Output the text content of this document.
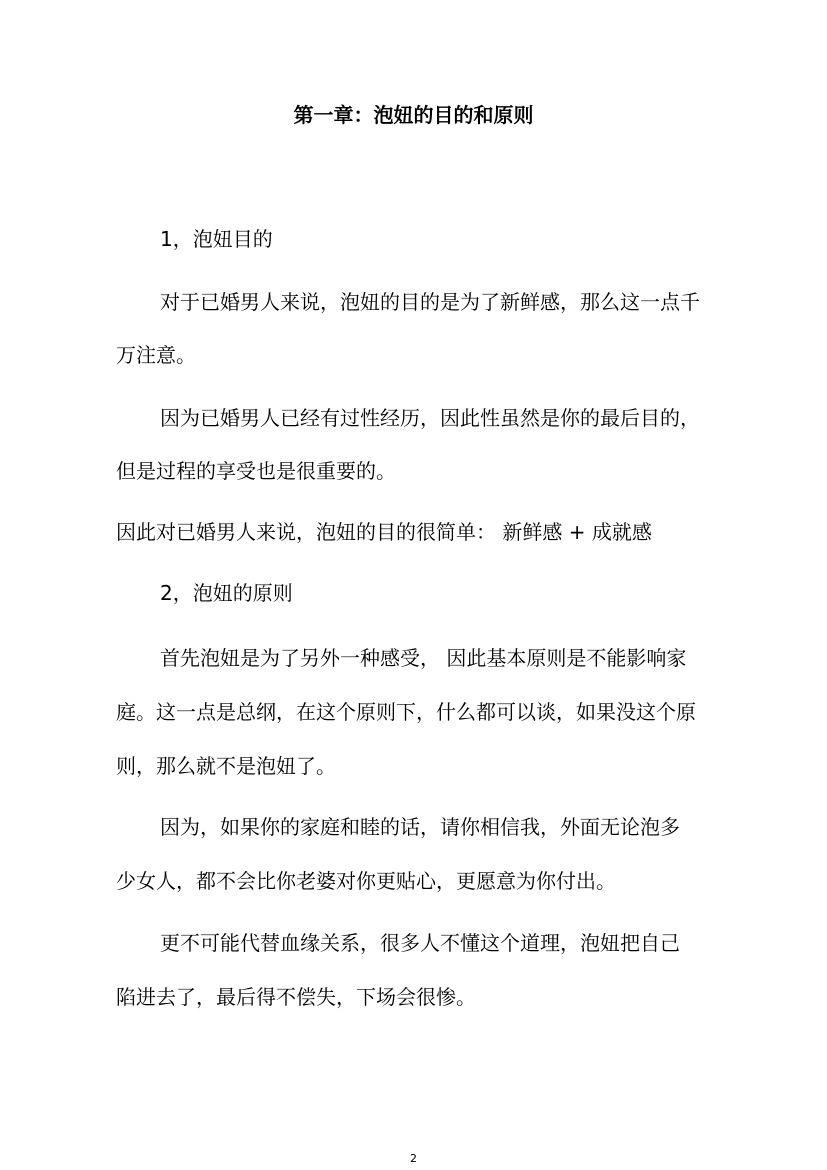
第一章：泡妞的目的和原则
1，泡妞目的
对于已婚男人来说，泡妞的目的是为了新鲜感，那么这一点千
万注意。
因为已婚男人已经有过性经历，因此性虽然是你的最后目的，
但是过程的享受也是很重要的。
因此对已婚男人来说，泡妞的目的很简单： 新鲜感 + 成就感
2，泡妞的原则
首先泡妞是为了另外一种感受， 因此基本原则是不能影响家
庭。这一点是总纲，在这个原则下，什么都可以谈，如果没这个原
则，那么就不是泡妞了。
因为，如果你的家庭和睦的话，请你相信我，外面无论泡多
少女人，都不会比你老婆对你更贴心，更愿意为你付出。
更不可能代替血缘关系，很多人不懂这个道理，泡妞把自己
陷进去了，最后得不偿失，下场会很惨。
2
